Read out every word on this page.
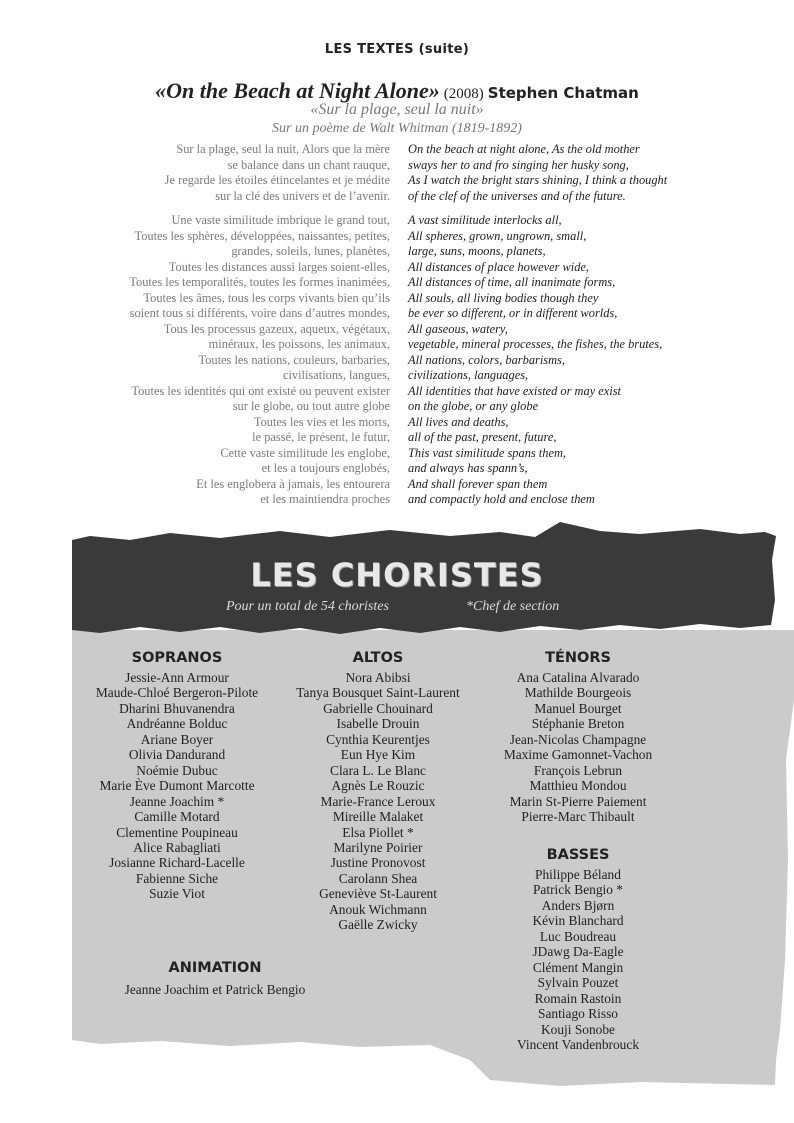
LES TEXTES (suite)
«On the Beach at Night Alone» (2008) Stephen Chatman
«Sur la plage, seul la nuit»
Sur un poème de Walt Whitman (1819-1892)
Sur la plage, seul la nuit, Alors que la mère
se balance dans un chant rauque,
Je regarde les étoiles étincelantes et je médite
sur la clé des univers et de l’avenir.
On the beach at night alone, As the old mother
sways her to and fro singing her husky song,
As I watch the bright stars shining, I think a thought
of the clef of the universes and of the future.
Une vaste similitude imbrique le grand tout,
Toutes les sphères, développées, naissantes, petites,
grandes, soleils, lunes, planètes,
Toutes les distances aussi larges soient-elles,
Toutes les temporalités, toutes les formes inanimées,
Toutes les âmes, tous les corps vivants bien qu’ils
soient tous si différents, voire dans d’autres mondes,
Tous les processus gazeux, aqueux, végétaux,
minéraux, les poissons, les animaux,
Toutes les nations, couleurs, barbaries,
civilisations, langues,
Toutes les identités qui ont existé ou peuvent exister
sur le globe, ou tout autre globe
Toutes les vies et les morts,
le passé, le présent, le futur,
Cette vaste similitude les englobe,
et les a toujours englobés,
Et les englobera à jamais, les entourera
et les maintiendra proches
A vast similitude interlocks all,
All spheres, grown, ungrown, small,
large, suns, moons, planets,
All distances of place however wide,
All distances of time, all inanimate forms,
All souls, all living bodies though they
be ever so different, or in different worlds,
All gaseous, watery,
vegetable, mineral processes, the fishes, the brutes,
All nations, colors, barbarisms,
civilizations, languages,
All identities that have existed or may exist
on the globe, or any globe
All lives and deaths,
all of the past, present, future,
This vast similitude spans them,
and always has spann’s,
And shall forever span them
and compactly hold and enclose them
LES CHORISTES
Pour un total de 54 choristes	*Chef de section
SOPRANOS
Jessie-Ann Armour
Maude-Chloé Bergeron-Pilote
Dharini Bhuvanendra
Andréanne Bolduc
Ariane Boyer
Olivia Dandurand
Noémie Dubuc
Marie Ève Dumont Marcotte
Jeanne Joachim *
Camille Motard
Clementine Poupineau
Alice Rabagliati
Josianne Richard-Lacelle
Fabienne Siche
Suzie Viot
ALTOS
Nora Abibsi
Tanya Bousquet Saint-Laurent
Gabrielle Chouinard
Isabelle Drouin
Cynthia Keurentjes
Eun Hye Kim
Clara L. Le Blanc
Agnès Le Rouzic
Marie-France Leroux
Mireille Malaket
Elsa Piollet *
Marilyne Poirier
Justine Pronovost
Carolann Shea
Geneviève St-Laurent
Anouk Wichmann
Gaëlle Zwicky
TÉNORS
Ana Catalina Alvarado
Mathilde Bourgeois
Manuel Bourget
Stéphanie Breton
Jean-Nicolas Champagne
Maxime Gamonnet-Vachon
François Lebrun
Matthieu Mondou
Marin St-Pierre Paiement
Pierre-Marc Thibault
BASSES
Philippe Béland
Patrick Bengio *
Anders Bjørn
Kévin Blanchard
Luc Boudreau
JDawg Da-Eagle
Clément Mangin
Sylvain Pouzet
Romain Rastoin
Santiago Risso
Kouji Sonobe
Vincent Vandenbrouck
ANIMATION

Jeanne Joachim et Patrick Bengio
